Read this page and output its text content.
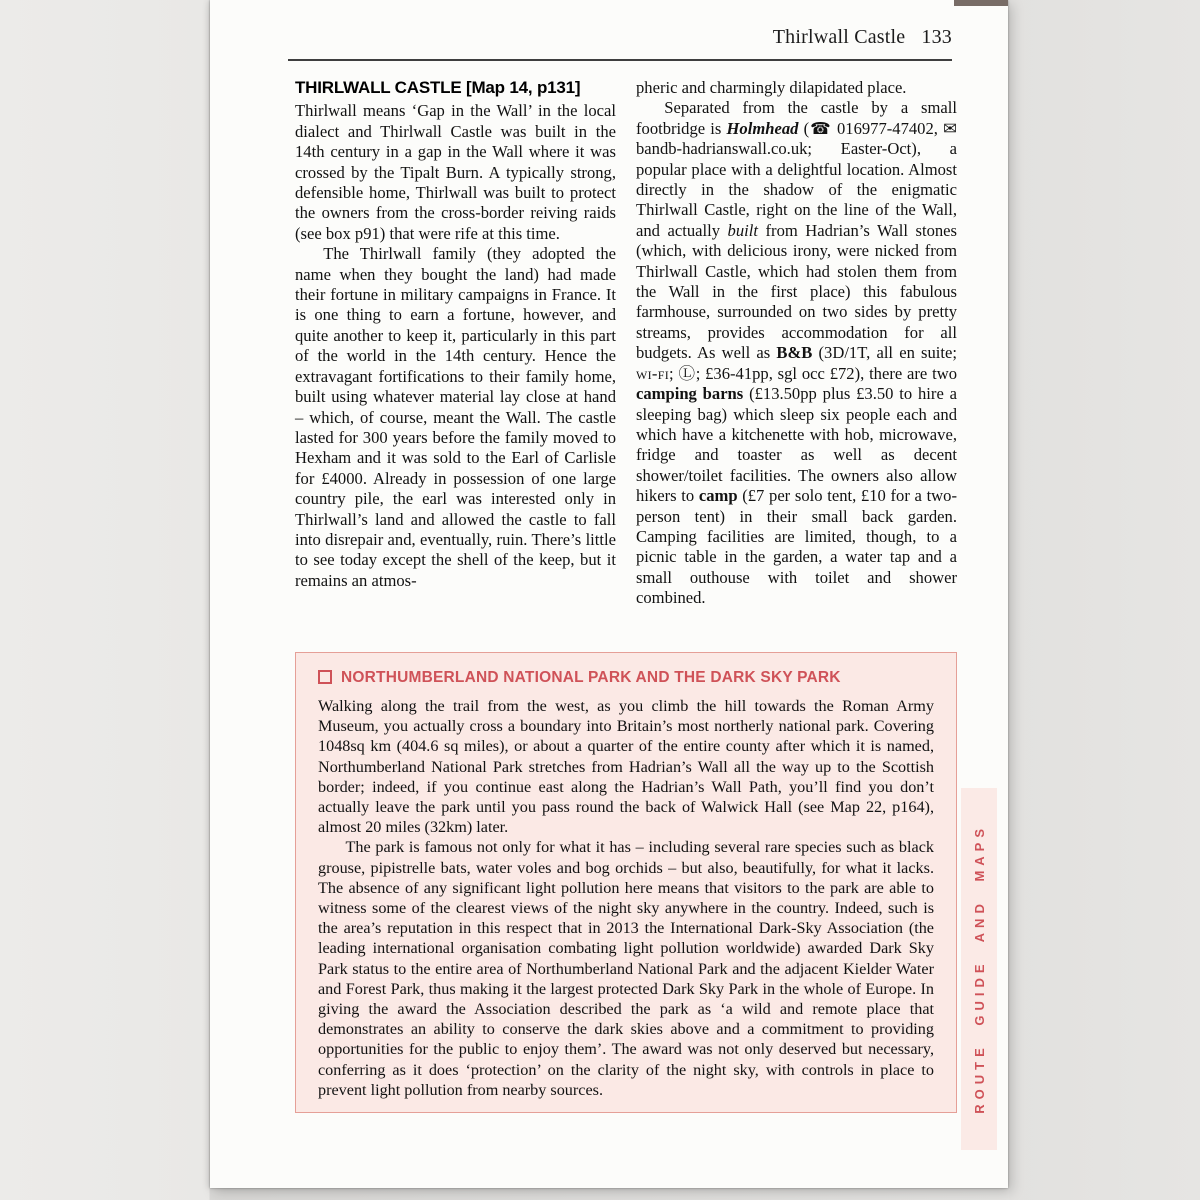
Thirlwall Castle 133
THIRLWALL CASTLE [Map 14, p131]

Thirlwall means ‘Gap in the Wall’ in the local dialect and Thirlwall Castle was built in the 14th century in a gap in the Wall where it was crossed by the Tipalt Burn. A typically strong, defensible home, Thirlwall was built to protect the owners from the cross-border reiving raids (see box p91) that were rife at this time.

The Thirlwall family (they adopted the name when they bought the land) had made their fortune in military campaigns in France. It is one thing to earn a fortune, however, and quite another to keep it, particularly in this part of the world in the 14th century. Hence the extravagant fortifications to their family home, built using whatever material lay close at hand – which, of course, meant the Wall. The castle lasted for 300 years before the family moved to Hexham and it was sold to the Earl of Carlisle for £4000. Already in possession of one large country pile, the earl was interested only in Thirlwall’s land and allowed the castle to fall into disrepair and, eventually, ruin. There’s little to see today except the shell of the keep, but it remains an atmos-

pheric and charmingly dilapidated place.

Separated from the castle by a small footbridge is Holmhead (☎ 016977-47402, ✉ bandb-hadrianswall.co.uk; Easter-Oct), a popular place with a delightful location. Almost directly in the shadow of the enigmatic Thirlwall Castle, right on the line of the Wall, and actually built from Hadrian’s Wall stones (which, with delicious irony, were nicked from Thirlwall Castle, which had stolen them from the Wall in the first place) this fabulous farmhouse, surrounded on two sides by pretty streams, provides accommodation for all budgets. As well as B&B (3D/1T, all en suite; wi-fi; Ⓛ; £36-41pp, sgl occ £72), there are two camping barns (£13.50pp plus £3.50 to hire a sleeping bag) which sleep six people each and which have a kitchenette with hob, microwave, fridge and toaster as well as decent shower/toilet facilities. The owners also allow hikers to camp (£7 per solo tent, £10 for a two-person tent) in their small back garden. Camping facilities are limited, though, to a picnic table in the garden, a water tap and a small outhouse with toilet and shower combined.

NORTHUMBERLAND NATIONAL PARK AND THE DARK SKY PARK

Walking along the trail from the west, as you climb the hill towards the Roman Army Museum, you actually cross a boundary into Britain’s most northerly national park. Covering 1048sq km (404.6 sq miles), or about a quarter of the entire county after which it is named, Northumberland National Park stretches from Hadrian’s Wall all the way up to the Scottish border; indeed, if you continue east along the Hadrian’s Wall Path, you’ll find you don’t actually leave the park until you pass round the back of Walwick Hall (see Map 22, p164), almost 20 miles (32km) later.

The park is famous not only for what it has – including several rare species such as black grouse, pipistrelle bats, water voles and bog orchids – but also, beautifully, for what it lacks. The absence of any significant light pollution here means that visitors to the park are able to witness some of the clearest views of the night sky anywhere in the country. Indeed, such is the area’s reputation in this respect that in 2013 the International Dark-Sky Association (the leading international organisation combating light pollution worldwide) awarded Dark Sky Park status to the entire area of Northumberland National Park and the adjacent Kielder Water and Forest Park, thus making it the largest protected Dark Sky Park in the whole of Europe. In giving the award the Association described the park as ‘a wild and remote place that demonstrates an ability to conserve the dark skies above and a commitment to providing opportunities for the public to enjoy them’. The award was not only deserved but necessary, conferring as it does ‘protection’ on the clarity of the night sky, with controls in place to prevent light pollution from nearby sources.	ROUTE GUIDE AND MAPS
